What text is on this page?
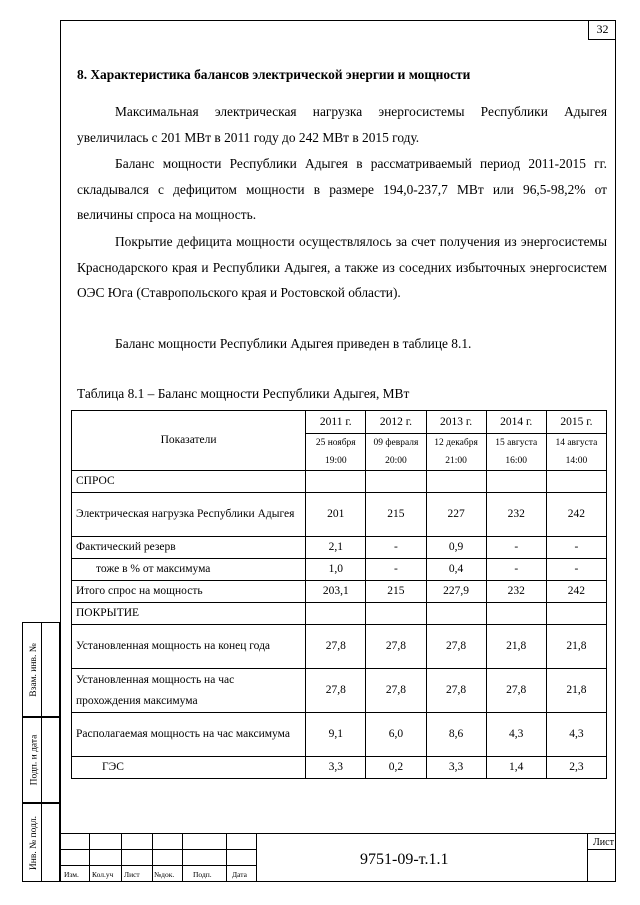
32
8. Характеристика балансов электрической энергии и мощности
Максимальная электрическая нагрузка энергосистемы Республики Адыгея увеличилась с 201 МВт в 2011 году до 242 МВт в 2015 году.
Баланс мощности Республики Адыгея в рассматриваемый период 2011-2015 гг. складывался с дефицитом мощности в размере 194,0-237,7 МВт или 96,5-98,2% от величины спроса на мощность.
Покрытие дефицита мощности осуществлялось за счет получения из энергосистемы Краснодарского края и Республики Адыгея, а также из соседних избыточных энергосистем ОЭС Юга (Ставропольского края и Ростовской области).
Баланс мощности Республики Адыгея приведен в таблице 8.1.
Таблица 8.1 – Баланс мощности Республики Адыгея, МВт
Показатели	2011 г.	2012 г.	2013 г.	2014 г.	2015 г.
	25 ноября 19:00	09 февраля 20:00	12 декабря 21:00	15 августа 16:00	14 августа 14:00
СПРОС					
Электрическая нагрузка Республики Адыгея	201	215	227	232	242
Фактический резерв	2,1	-	0,9	-	-
тоже в % от максимума	1,0	-	0,4	-	-
Итого спрос на мощность	203,1	215	227,9	232	242
ПОКРЫТИЕ					
Установленная мощность на конец года	27,8	27,8	27,8	21,8	21,8
Установленная мощность на час прохождения максимума	27,8	27,8	27,8	27,8	21,8
Располагаемая мощность на час максимума	9,1	6,0	8,6	4,3	4,3
ГЭС	3,3	0,2	3,3	1,4	2,3
Взам. инв. №
Подп. и дата
Инв. № подл.
Изм. Кол.уч Лист №док.	Подп.	Дата
9751-09-т.1.1
Лист
